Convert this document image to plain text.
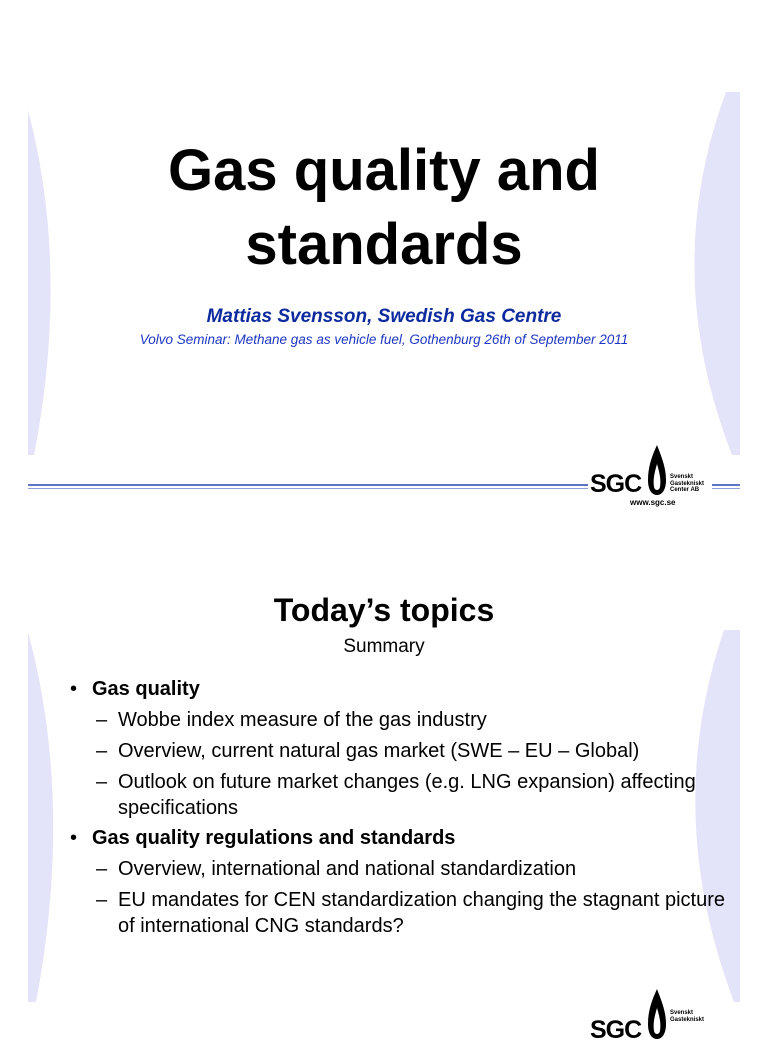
Gas quality and
standards
Mattias Svensson, Swedish Gas Centre
Volvo Seminar: Methane gas as vehicle fuel, Gothenburg 26th of September 2011
SGC	Svenskt
Gastekniskt
Center AB
www.sgc.se
Today’s topics
Summary
• Gas quality
– Wobbe index measure of the gas industry
– Overview, current natural gas market (SWE – EU – Global)
– Outlook on future market changes (e.g. LNG expansion) affecting specifications
• Gas quality regulations and standards
– Overview, international and national standardization
– EU mandates for CEN standardization changing the stagnant picture of international CNG standards?
SGC
Svenskt
Gastekniskt
